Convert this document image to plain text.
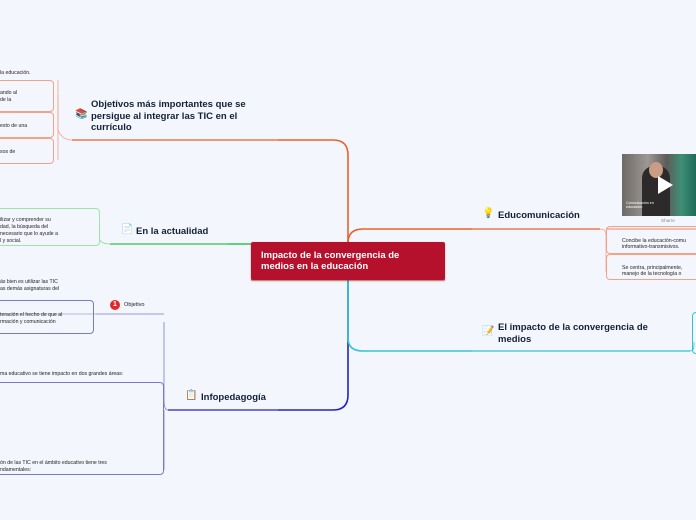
la educación.
ando al
de la
esto de una
sos de
ilizar y comprender su
dad, la búsqueda del
necesario que lo ayude a
l y social.
ás bien es utilizar las TIC
as demás asignaturas del
1	Objetivo
teración el hecho de que al
rmación y comunicación
ma educativo se tiene impacto en dos grandes áreas:
ón de las TIC en el ámbito educativo tiene tres
ndamentales:
Impacto de la convergencia de medios en la educación
📚
Objetivos más importantes que se persigue al integrar las TIC en el currículo
📄 En la actualidad
📋 Infopedagogía
💡 Educomunicación
📝 El impacto de la convergencia de medios
Comunicación en
educación
Sharre
Concibe la educación-comu
informativo-transmisivos.
Se centra, principalmente,
manejo de la tecnología o
